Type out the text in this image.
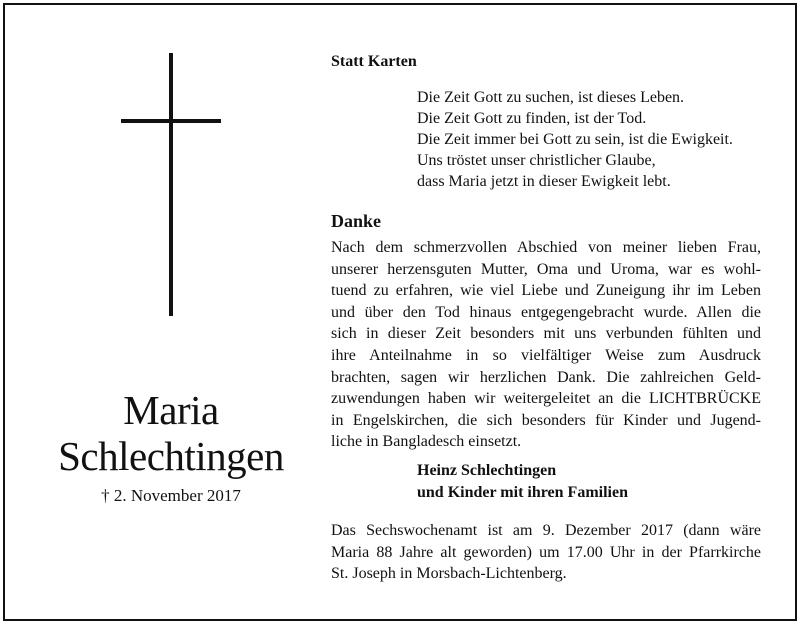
Maria
Schlechtingen
† 2. November 2017
Statt Karten
Die Zeit Gott zu suchen, ist dieses Leben.
Die Zeit Gott zu finden, ist der Tod.
Die Zeit immer bei Gott zu sein, ist die Ewigkeit.
Uns tröstet unser christlicher Glaube,
dass Maria jetzt in dieser Ewigkeit lebt.
Danke
Nach dem schmerzvollen Abschied von meiner lieben Frau,
unserer herzensguten Mutter, Oma und Uroma, war es wohl-
tuend zu erfahren, wie viel Liebe und Zuneigung ihr im Leben
und über den Tod hinaus entgegengebracht wurde. Allen die
sich in dieser Zeit besonders mit uns verbunden fühlten und
ihre Anteilnahme in so vielfältiger Weise zum Ausdruck
brachten, sagen wir herzlichen Dank. Die zahlreichen Geld-
zuwendungen haben wir weitergeleitet an die LICHTBRÜCKE
in Engelskirchen, die sich besonders für Kinder und Jugend-
liche in Bangladesch einsetzt.
Heinz Schlechtingen
und Kinder mit ihren Familien
Das Sechswochenamt ist am 9. Dezember 2017 (dann wäre
Maria 88 Jahre alt geworden) um 17.00 Uhr in der Pfarrkirche
St. Joseph in Morsbach-Lichtenberg.
